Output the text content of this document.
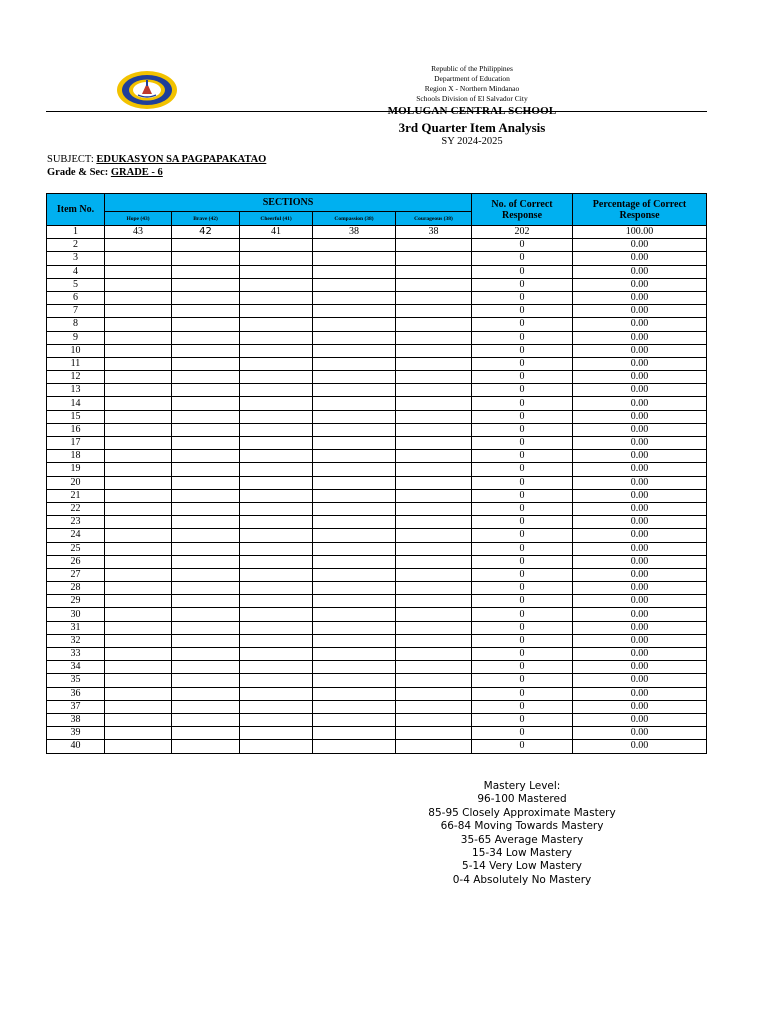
Republic of the Philippines
Department of Education
Region X - Northern Mindanao
Schools Division of El Salvador City
MOLUGAN CENTRAL SCHOOL
3rd Quarter Item Analysis
SY 2024-2025
SUBJECT: EDUKASYON SA PAGPAPAKATAO
Grade & Sec: GRADE - 6
Item No.	SECTIONS					No. of Correct Response	Percentage of Correct Response
	Hope (43)	Brave (42)	Cheerful (41)	Compassion (38)	Courageous (38)		
1	43	42	41	38	38	202	100.00
2						0	0.00
3						0	0.00
4						0	0.00
5						0	0.00
6						0	0.00
7						0	0.00
8						0	0.00
9						0	0.00
10						0	0.00
11						0	0.00
12						0	0.00
13						0	0.00
14						0	0.00
15						0	0.00
16						0	0.00
17						0	0.00
18						0	0.00
19						0	0.00
20						0	0.00
21						0	0.00
22						0	0.00
23						0	0.00
24						0	0.00
25						0	0.00
26						0	0.00
27						0	0.00
28						0	0.00
29						0	0.00
30						0	0.00
31						0	0.00
32						0	0.00
33						0	0.00
34						0	0.00
35						0	0.00
36						0	0.00
37						0	0.00
38						0	0.00
39						0	0.00
40						0	0.00
Mastery Level:
96-100 Mastered
85-95 Closely Approximate Mastery
66-84 Moving Towards Mastery
35-65 Average Mastery
15-34 Low Mastery
5-14 Very Low Mastery
0-4 Absolutely No Mastery
